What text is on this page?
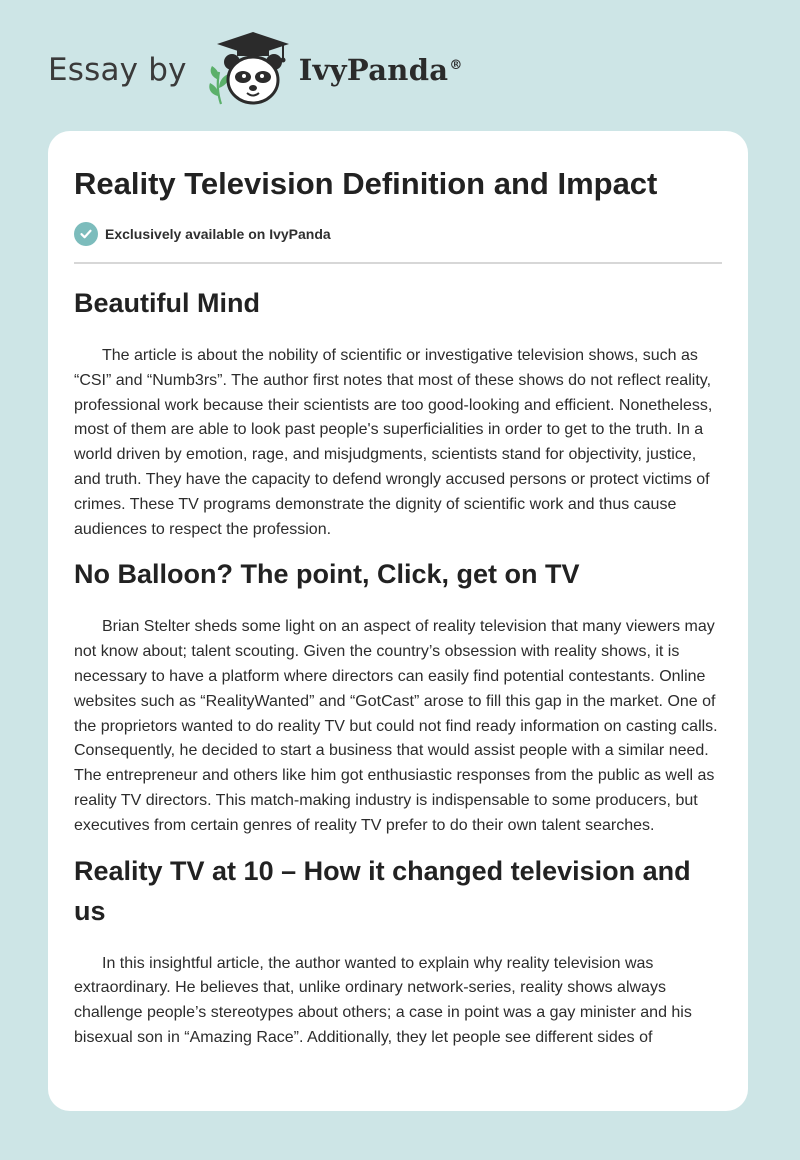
Essay by	IvyPanda®
Reality Television Definition and Impact
Exclusively available on IvyPanda
Beautiful Mind

The article is about the nobility of scientific or investigative television shows, such as “CSI” and “Numb3rs”. The author first notes that most of these shows do not reflect reality, professional work because their scientists are too good-looking and efficient. Nonetheless, most of them are able to look past people's superficialities in order to get to the truth. In a world driven by emotion, rage, and misjudgments, scientists stand for objectivity, justice, and truth. They have the capacity to defend wrongly accused persons or protect victims of crimes. These TV programs demonstrate the dignity of scientific work and thus cause audiences to respect the profession.

No Balloon? The point, Click, get on TV

Brian Stelter sheds some light on an aspect of reality television that many viewers may not know about; talent scouting. Given the country’s obsession with reality shows, it is necessary to have a platform where directors can easily find potential contestants. Online websites such as “RealityWanted” and “GotCast” arose to fill this gap in the market. One of the proprietors wanted to do reality TV but could not find ready information on casting calls. Consequently, he decided to start a business that would assist people with a similar need. The entrepreneur and others like him got enthusiastic responses from the public as well as reality TV directors. This match-making industry is indispensable to some producers, but executives from certain genres of reality TV prefer to do their own talent searches.

Reality TV at 10 – How it changed television and us

In this insightful article, the author wanted to explain why reality television was extraordinary. He believes that, unlike ordinary network-series, reality shows always challenge people’s stereotypes about others; a case in point was a gay minister and his bisexual son in “Amazing Race”. Additionally, they let people see different sides of
